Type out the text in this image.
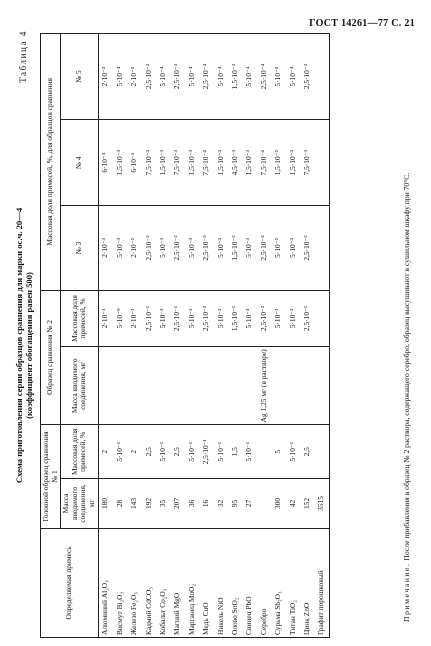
ГОСТ 14261—77 С. 21
Схема приготовления серии образцов сравнения для марки ос.ч. 20—4 (коэффициент обогащения равен 500)
Таблица 4
Определяемая примесь	Головной образец сравнения № 1		Образец сравнения № 2		Массовая доля примесей, %, для образцов сравнения		
	Масса вводимого соединения, мг	Массовая доля примесей, %	Масса вводимого соединения, мг	Массовая доля примесей, %	№ 3	№ 4	№ 5
Алюминий Al₂O₃	180	2		2·10⁻¹	2·10⁻³	6·10⁻³	2·10⁻³
Висмут Bi₂O₃	28	5·10⁻¹		5·10⁻⁹	5·10⁻³	1,5·10⁻³	5·10⁻⁴
Железо Fe₂O₃	143	2		2·10⁻¹	2·10⁻²	6·10⁻³	2·10⁻²
Кадмий CdCO₃	192	2,5		2,5·10⁻¹	2,5·10⁻²	7,5·10⁻³	2,5·10⁻³
Кобальт Co₂O₃	35	5·10⁻¹		5·10⁻²	5·10⁻³	1,5·10⁻³	5·10⁻⁴
Магний MgO	207	2,5		2,5·10⁻¹	2,5·10⁻²	7,5·10⁻³	2,5·10⁻³
Марганец MnO₂	36	5·10⁻¹		5·10⁻²	5·10⁻³	1,5·10⁻³	5·10⁻⁴
Медь CuO	16	2,5·10⁻¹		2,5·10⁻²	2,5·10⁻³	7,5·10⁻⁴	2,5·10⁻⁴
Никель NiO	32	5·10⁻¹		5·10⁻²	5·10⁻³	1,5·10⁻³	5·10⁻⁴
Олово SnO₂	95	1,5		1,5·10⁻¹	1,5·10⁻²	4,5·10⁻³	1,5·10⁻³
Свинец PbO	27	5·10⁻¹		5·10⁻²	5·10⁻³	1,5·10⁻³	5·10⁻⁴
Серебро			Ag 1,25 мг (в растворе)	2,5·10⁻²	2,5·10⁻³	7,5·10⁻⁴	2,5·10⁻⁴
Сурьма Sb₂O₃	300	5		5·10⁻¹	5·10⁻²	1,5·10⁻²	5·10⁻³
Титан TiO₂	42	5·10⁻¹		5·10⁻²	5·10⁻³	1,5·10⁻³	5·10⁻⁴
Цинк ZnO	152	2,5		2,5·10⁻¹	2,5·10⁻²	7,5·10⁻³	2,5·10⁻³
Графит порошковый	3515						
Примечание. После прибавления в образец № 2 раствора, содержащего серебро, образец высушивают в сушильном шкафу при 70°С.
